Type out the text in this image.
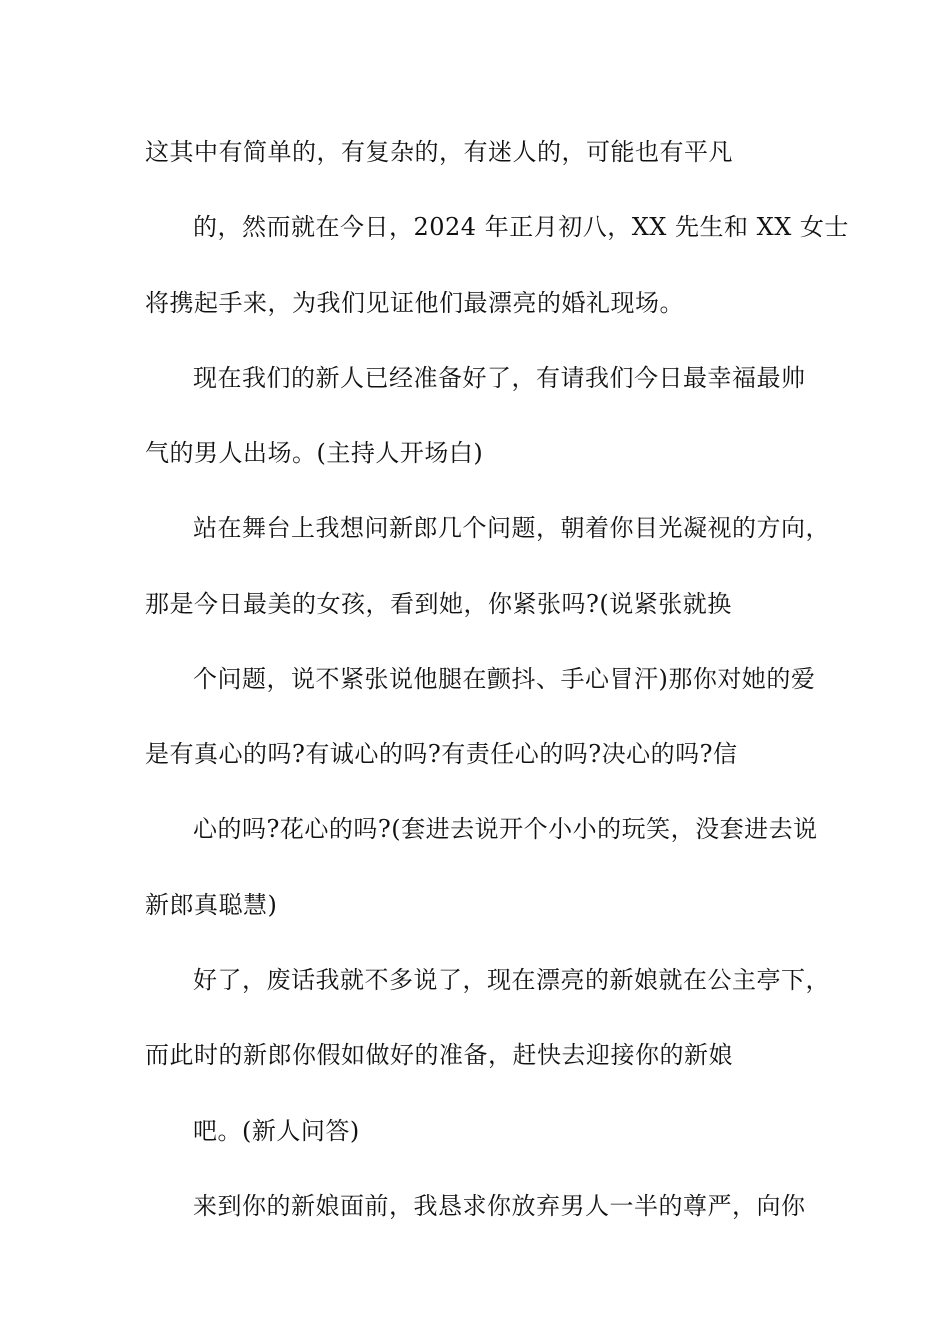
这其中有简单的，有复杂的，有迷人的，可能也有平凡
的，然而就在今日，2024 年正月初八，XX 先生和 XX 女士
将携起手来，为我们见证他们最漂亮的婚礼现场。
现在我们的新人已经准备好了，有请我们今日最幸福最帅
气的男人出场。(主持人开场白)
站在舞台上我想问新郎几个问题，朝着你目光凝视的方向，
那是今日最美的女孩，看到她，你紧张吗?(说紧张就换
个问题，说不紧张说他腿在颤抖、手心冒汗)那你对她的爱
是有真心的吗?有诚心的吗?有责任心的吗?决心的吗?信
心的吗?花心的吗?(套进去说开个小小的玩笑，没套进去说
新郎真聪慧)
好了，废话我就不多说了，现在漂亮的新娘就在公主亭下，
而此时的新郎你假如做好的准备，赶快去迎接你的新娘
吧。(新人问答)
来到你的新娘面前，我恳求你放弃男人一半的尊严，向你
